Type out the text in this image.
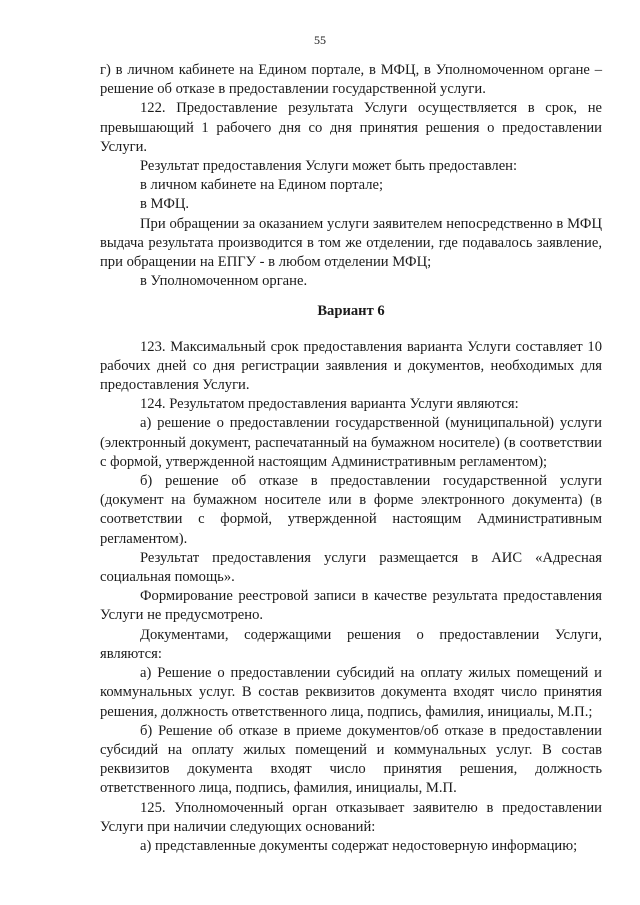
55

г) в личном кабинете на Едином портале, в МФЦ, в Уполномоченном органе – решение об отказе в предоставлении государственной услуги.

122. Предоставление результата Услуги осуществляется в срок, не превышающий 1 рабочего дня со дня принятия решения о предоставлении Услуги.

Результат предоставления Услуги может быть предоставлен:

в личном кабинете на Едином портале;

в МФЦ.

При обращении за оказанием услуги заявителем непосредственно в МФЦ выдача результата производится в том же отделении, где подавалось заявление, при обращении на ЕПГУ - в любом отделении МФЦ;

в Уполномоченном органе.

Вариант 6

123. Максимальный срок предоставления варианта Услуги составляет 10 рабочих дней со дня регистрации заявления и документов, необходимых для предоставления Услуги.

124. Результатом предоставления варианта Услуги являются:

а) решение о предоставлении государственной (муниципальной) услуги (электронный документ, распечатанный на бумажном носителе) (в соответствии с формой, утвержденной настоящим Административным регламентом);

б) решение об отказе в предоставлении государственной услуги (документ на бумажном носителе или в форме электронного документа) (в соответствии с формой, утвержденной настоящим Административным регламентом).

Результат предоставления услуги размещается в АИС «Адресная социальная помощь».

Формирование реестровой записи в качестве результата предоставления Услуги не предусмотрено.

Документами, содержащими решения о предоставлении Услуги, являются:

а) Решение о предоставлении субсидий на оплату жилых помещений и коммунальных услуг. В состав реквизитов документа входят число принятия решения, должность ответственного лица, подпись, фамилия, инициалы, М.П.;

б) Решение об отказе в приеме документов/об отказе в предоставлении субсидий на оплату жилых помещений и коммунальных услуг. В состав реквизитов документа входят число принятия решения, должность ответственного лица, подпись, фамилия, инициалы, М.П.

125. Уполномоченный орган отказывает заявителю в предоставлении Услуги при наличии следующих оснований:

а) представленные документы содержат недостоверную информацию;
